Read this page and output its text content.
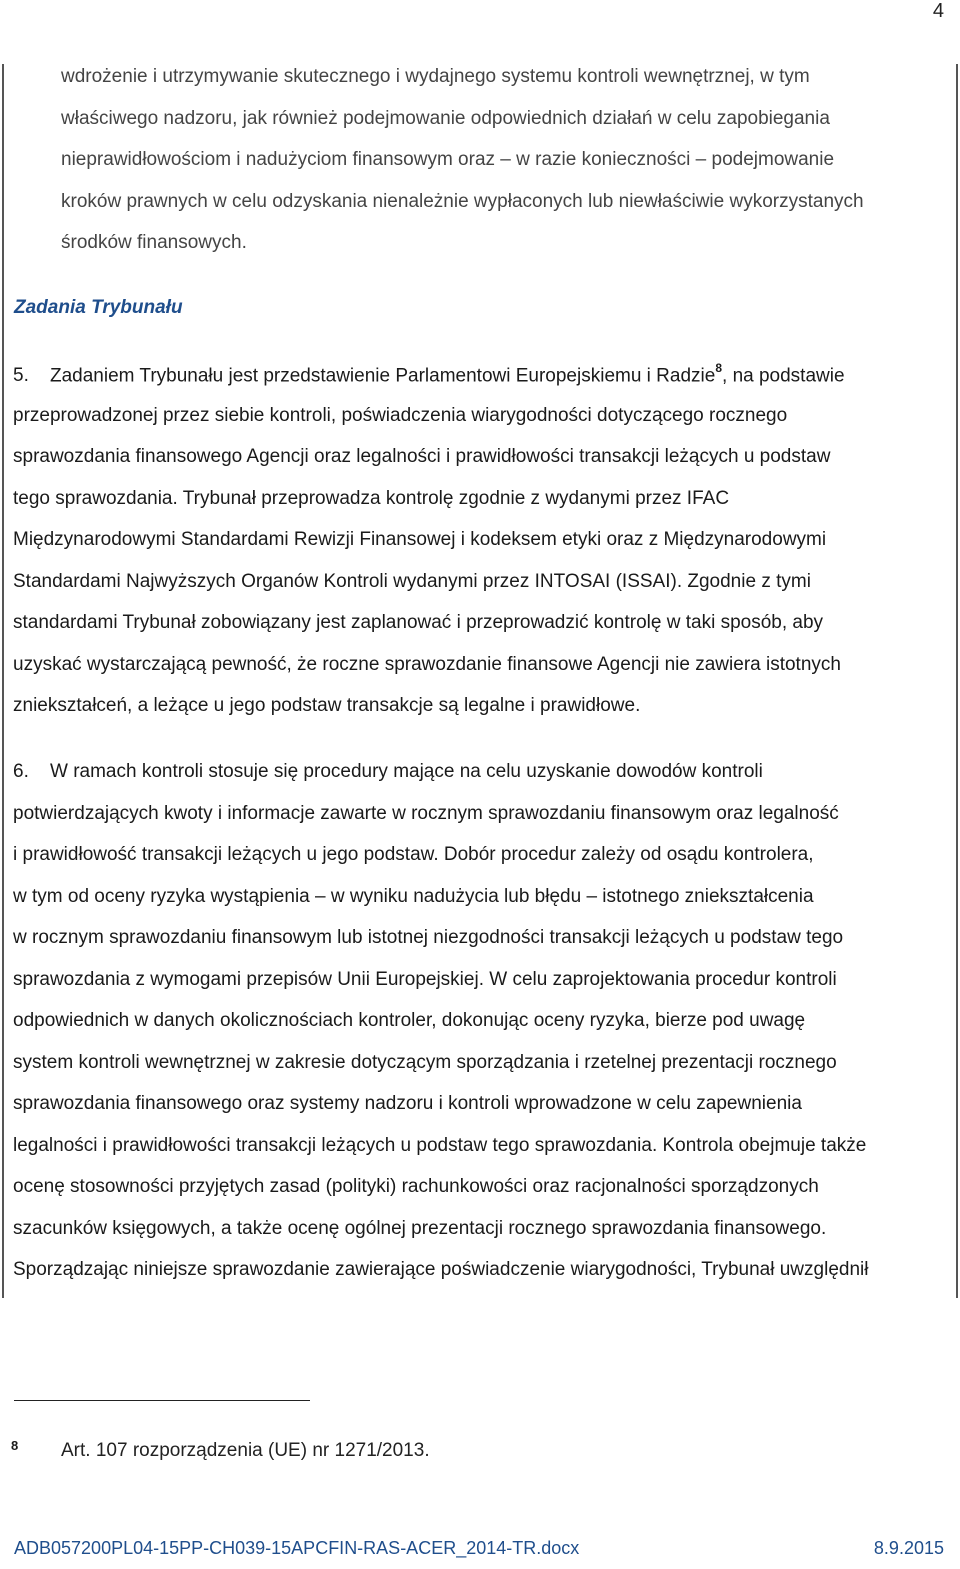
4
wdrożenie i utrzymywanie skutecznego i wydajnego systemu kontroli wewnętrznej, w tym
właściwego nadzoru, jak również podejmowanie odpowiednich działań w celu zapobiegania
nieprawidłowościom i nadużyciom finansowym oraz – w razie konieczności – podejmowanie
kroków prawnych w celu odzyskania nienależnie wypłaconych lub niewłaściwie wykorzystanych
środków finansowych.
Zadania Trybunału
5. Zadaniem Trybunału jest przedstawienie Parlamentowi Europejskiemu i Radzie$^8$, na podstawie
przeprowadzonej przez siebie kontroli, poświadczenia wiarygodności dotyczącego rocznego
sprawozdania finansowego Agencji oraz legalności i prawidłowości transakcji leżących u podstaw
tego sprawozdania. Trybunał przeprowadza kontrolę zgodnie z wydanymi przez IFAC
Międzynarodowymi Standardami Rewizji Finansowej i kodeksem etyki oraz z Międzynarodowymi
Standardami Najwyższych Organów Kontroli wydanymi przez INTOSAI (ISSAI). Zgodnie z tymi
standardami Trybunał zobowiązany jest zaplanować i przeprowadzić kontrolę w taki sposób, aby
uzyskać wystarczającą pewność, że roczne sprawozdanie finansowe Agencji nie zawiera istotnych
zniekształceń, a leżące u jego podstaw transakcje są legalne i prawidłowe.
6. W ramach kontroli stosuje się procedury mające na celu uzyskanie dowodów kontroli
potwierdzających kwoty i informacje zawarte w rocznym sprawozdaniu finansowym oraz legalność
i prawidłowość transakcji leżących u jego podstaw. Dobór procedur zależy od osądu kontrolera,
w tym od oceny ryzyka wystąpienia – w wyniku nadużycia lub błędu – istotnego zniekształcenia
w rocznym sprawozdaniu finansowym lub istotnej niezgodności transakcji leżących u podstaw tego
sprawozdania z wymogami przepisów Unii Europejskiej. W celu zaprojektowania procedur kontroli
odpowiednich w danych okolicznościach kontroler, dokonując oceny ryzyka, bierze pod uwagę
system kontroli wewnętrznej w zakresie dotyczącym sporządzania i rzetelnej prezentacji rocznego
sprawozdania finansowego oraz systemy nadzoru i kontroli wprowadzone w celu zapewnienia
legalności i prawidłowości transakcji leżących u podstaw tego sprawozdania. Kontrola obejmuje także
ocenę stosowności przyjętych zasad (polityki) rachunkowości oraz racjonalności sporządzonych
szacunków księgowych, a także ocenę ogólnej prezentacji rocznego sprawozdania finansowego.
Sporządzając niniejsze sprawozdanie zawierające poświadczenie wiarygodności, Trybunał uwzględnił
8 Art. 107 rozporządzenia (UE) nr 1271/2013.
ADB057200PL04-15PP-CH039-15APCFIN-RAS-ACER_2014-TR.docx	8.9.2015
